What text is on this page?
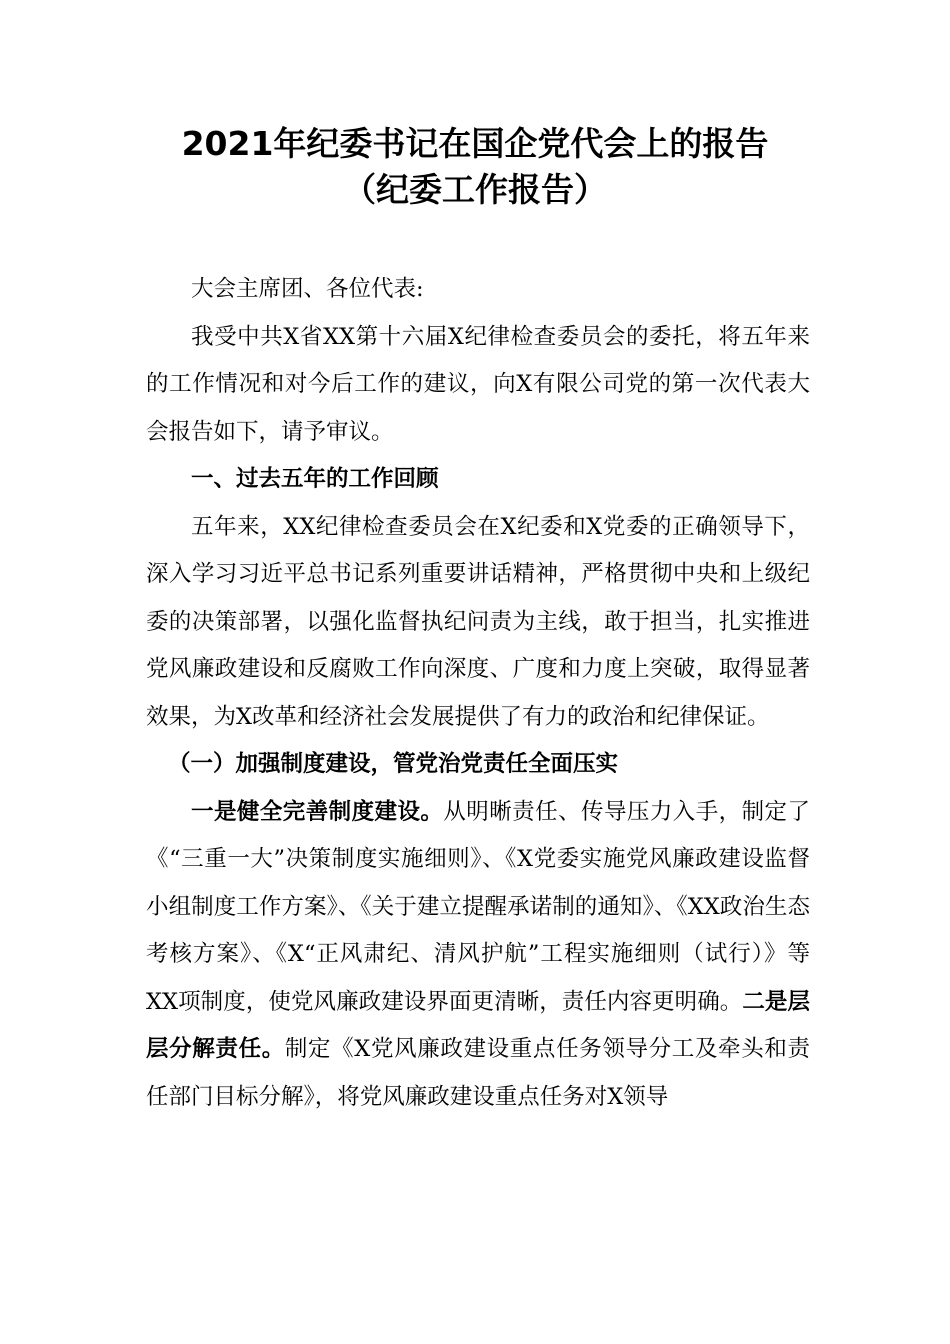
2021年纪委书记在国企党代会上的报告
（纪委工作报告）

大会主席团、各位代表:

我受中共X省XX第十六届X纪律检查委员会的委托，将五年来的工作情况和对今后工作的建议，向X有限公司党的第一次代表大会报告如下，请予审议。

一、过去五年的工作回顾

五年来，XX纪律检查委员会在X纪委和X党委的正确领导下，深入学习习近平总书记系列重要讲话精神，严格贯彻中央和上级纪委的决策部署，以强化监督执纪问责为主线，敢于担当，扎实推进党风廉政建设和反腐败工作向深度、广度和力度上突破，取得显著效果，为X改革和经济社会发展提供了有力的政治和纪律保证。

（一）加强制度建设，管党治党责任全面压实

一是健全完善制度建设。从明晰责任、传导压力入手，制定了《“三重一大”决策制度实施细则》、《X党委实施党风廉政建设监督小组制度工作方案》、《关于建立提醒承诺制的通知》、《XX政治生态考核方案》、《X“正风肃纪、清风护航”工程实施细则（试行）》等XX项制度，使党风廉政建设界面更清晰，责任内容更明确。二是层层分解责任。制定《X党风廉政建设重点任务领导分工及牵头和责任部门目标分解》，将党风廉政建设重点任务对X领导
